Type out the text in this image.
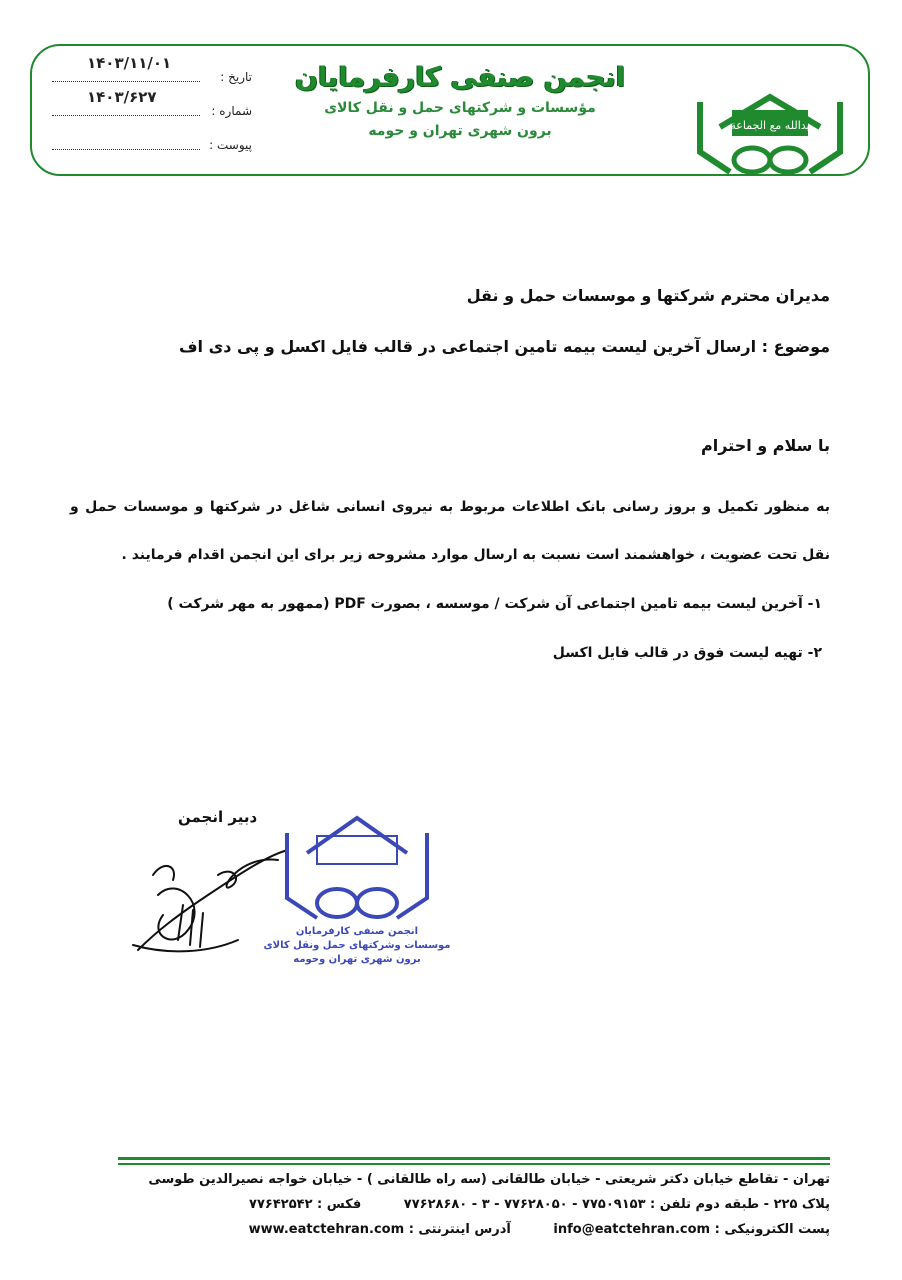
تاریخ :
۱۴۰۳/۱۱/۰۱
شماره :
۱۴۰۳/۶۲۷
پیوست :
انجمن صنفی کارفرمایان
مؤسسات و شرکتهای حمل و نقل کالای
برون شهری تهران و حومه	یدالله مع الجماعة
مدیران محترم شرکتها و موسسات حمل و نقل
موضوع : ارسال آخرین لیست بیمه تامین اجتماعی در قالب فایل اکسل و پی دی اف
با سلام و احترام
به منظور تکمیل و بروز رسانی بانک اطلاعات مربوط به نیروی انسانی شاغل در شرکتها و موسسات حمل و نقل تحت عضویت ، خواهشمند است نسبت به ارسال موارد مشروحه زیر برای این انجمن اقدام فرمایند .
۱- آخرین لیست بیمه تامین اجتماعی آن شرکت / موسسه ، بصورت PDF (ممهور به مهر شرکت )
۲- تهیه لیست فوق در قالب فایل اکسل
دبیر انجمن
انجمن صنفی کارفرمایان
موسسات وشرکتهای حمل ونقل کالای
برون شهری تهران وحومه
تهران - تقاطع خیابان دکتر شریعتی - خیابان طالقانی (سه راه طالقانی ) - خیابان خواجه نصیرالدین طوسی
پلاک ۲۲۵ - طبقه دوم تلفن : ۷۷۵۰۹۱۵۳ - ۷۷۶۲۸۰۵۰ - ۳ - ۷۷۶۲۸۶۸۰ فکس : ۷۷۶۴۲۵۴۲
پست الکترونیکی : info@eatctehran.com آدرس اینترنتی : www.eatctehran.com
